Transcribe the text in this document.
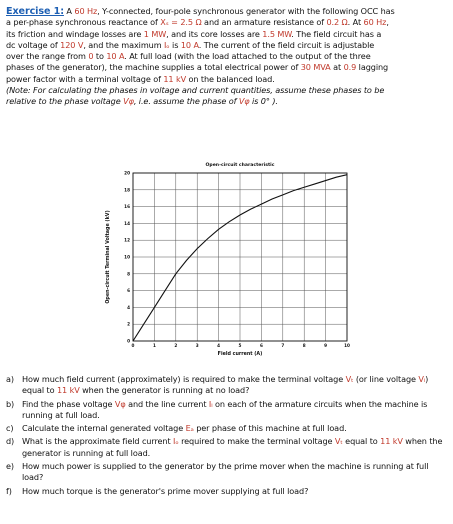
Exercise 1: A 60 Hz, Y-connected, four-pole synchronous generator with the following OCC has

a per-phase synchronous reactance of Xₛ = 2.5 Ω and an armature resistance of 0.2 Ω. At 60 Hz,

its friction and windage losses are 1 MW, and its core losses are 1.5 MW. The field circuit has a

dc voltage of 120 V, and the maximum Iₒ is 10 A. The current of the field circuit is adjustable

over the range from 0 to 10 A. At full load (with the load attached to the output of the three

phases of the generator), the machine supplies a total electrical power of 30 MVA at 0.9 lagging

power factor with a terminal voltage of 11 kV on the balanced load.

(Note: For calculating the phases in voltage and current quantities, assume these phases to be

relative to the phase voltage Vφ, i.e. assume the phase of Vφ is 0° ).

Open-circuit characteristic
0	1	2	3	4	5	6	7	8	9	10
0
2
4
6
8
10
12
14
16
18
20
Field current (A)
Open-circuit Terminal Voltage (kV)
a) How much field current (approximately) is required to make the terminal voltage Vₜ (or line voltage Vₗ) equal to 11 kV when the generator is running at no load?
b) Find the phase voltage Vφ and the line current Iₗ on each of the armature circuits when the machine is running at full load.
c)	Calculate the internal generated voltage Eₐ per phase of this machine at full load.
d) What is the approximate field current Iₒ required to make the terminal voltage Vₜ equal to 11 kV when the generator is running at full load.
e) How much power is supplied to the generator by the prime mover when the machine is running at full load?
f)	How much torque is the generator's prime mover supplying at full load?
